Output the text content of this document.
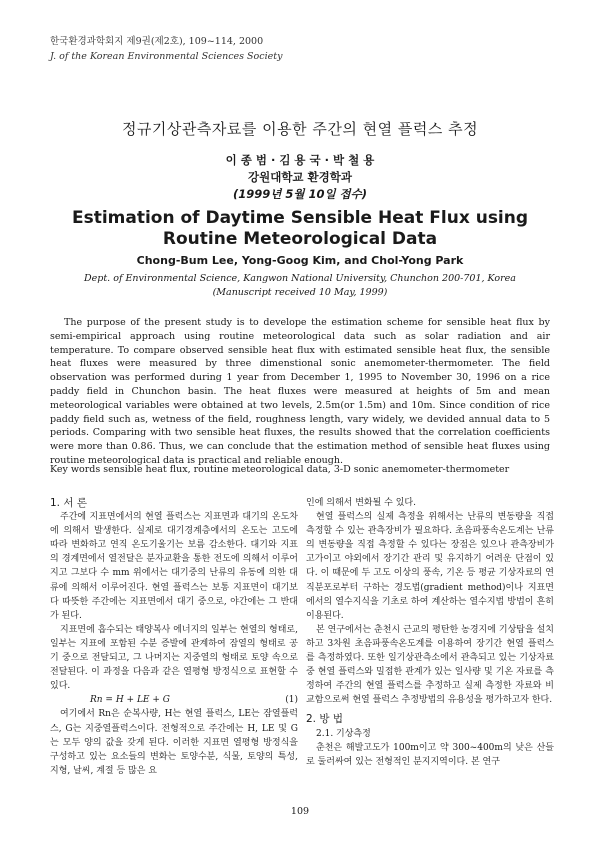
한국환경과학회지 제9권(제2호), 109~114, 2000
J. of the Korean Environmental Sciences Society
정규기상관측자료를 이용한 주간의 현열 플럭스 추정
이 종 범 · 김 용 국 · 박 철 용
강원대학교 환경학과
(1999년 5월 10일 접수)
Estimation of Daytime Sensible Heat Flux using Routine Meteorological Data
Chong-Bum Lee, Yong-Goog Kim, and Chol-Yong Park
Dept. of Environmental Science, Kangwon National University, Chunchon 200-701, Korea
(Manuscript received 10 May, 1999)

The purpose of the present study is to develope the estimation scheme for sensible heat flux by semi-empirical approach using routine meteorological data such as solar radiation and air temperature. To compare observed sensible heat flux with estimated sensible heat flux, the sensible heat fluxes were measured by three dimenstional sonic anemometer-thermometer. The field observation was performed during 1 year from December 1, 1995 to November 30, 1996 on a rice paddy field in Chunchon basin. The heat fluxes were measured at heights of 5m and mean meteorological variables were obtained at two levels, 2.5m(or 1.5m) and 10m. Since condition of rice paddy field such as, wetness of the field, roughness length, vary widely, we devided annual data to 5 periods. Comparing with two sensible heat fluxes, the results showed that the correlation coefficients were more than 0.86. Thus, we can conclude that the estimation method of sensible heat fluxes using routine meteorological data is practical and reliable enough.

Key words sensible heat flux, routine meteorological data, 3-D sonic anemometer-thermometer
1. 서 론

주간에 지표면에서의 현열 플럭스는 지표면과 대기의 온도차에 의해서 발생한다. 실제로 대기경계층에서의 온도는 고도에 따라 변화하고 연직 온도기울기는 보름 감소한다. 대기와 지표의 경계면에서 열전달은 분자교환을 통한 전도에 의해서 이루어지고 그보다 수 mm 위에서는 대기중의 난류의 유동에 의한 대류에 의해서 이루어진다. 현열 플럭스는 보통 지표면이 대기보다 따뜻한 주간에는 지표면에서 대기 중으로, 야간에는 그 반대가 된다.

지표면에 흡수되는 태양복사 에너지의 일부는 현열의 형태로, 일부는 지표에 포함된 수분 증발에 관계하여 잠열의 형태로 공기 중으로 전달되고, 그 나머지는 지중열의 형태로 토양 속으로 전달된다. 이 과정을 다음과 같은 열평형 방정식으로 표현할 수 있다.

Rn = H + LE + G	(1)

여기에서 Rn은 순복사량, H는 현열 플럭스, LE는 잠열플럭스, G는 지중열플럭스이다. 전형적으로 주간에는 H, LE 및 G는 모두 양의 값을 갖게 된다. 이러한 지표면 열평형 방정식을 구성하고 있는 요소들의 변화는 토양수분, 식물, 토양의 특성, 지형, 날씨, 계절 등 많은 요

인에 의해서 변화될 수 있다.

현열 플럭스의 실제 측정을 위해서는 난류의 변동량을 직접 측정할 수 있는 관측장비가 필요하다. 초음파풍속온도계는 난류의 변동량을 직접 측정할 수 있다는 장점은 있으나 관측장비가 고가이고 야외에서 장기간 관리 및 유지하기 어려운 단점이 있다. 이 때문에 두 고도 이상의 풍속, 기온 등 평균 기상자료의 연직분포로부터 구하는 경도법(gradient method)이나 지표면에서의 열수지식을 기초로 하여 계산하는 열수지법 방법이 흔히 이용된다.

본 연구에서는 춘천시 근교의 평탄한 농경지에 기상탑을 설치하고 3차원 초음파풍속온도계를 이용하여 장기간 현열 플럭스를 측정하였다. 또한 일기상관측소에서 관측되고 있는 기상자료 중 현열 플럭스와 밀접한 관계가 있는 일사량 및 기온 자료를 측정하여 주간의 현열 플럭스를 추정하고 실제 측정한 자료와 비교함으로써 현열 플럭스 추정방법의 유용성을 평가하고자 한다.

2. 방 법
2.1. 기상측정

춘천은 해발고도가 100m이고 약 300~400m의 낮은 산들로 둘러싸여 있는 전형적인 분지지역이다. 본 연구

109
